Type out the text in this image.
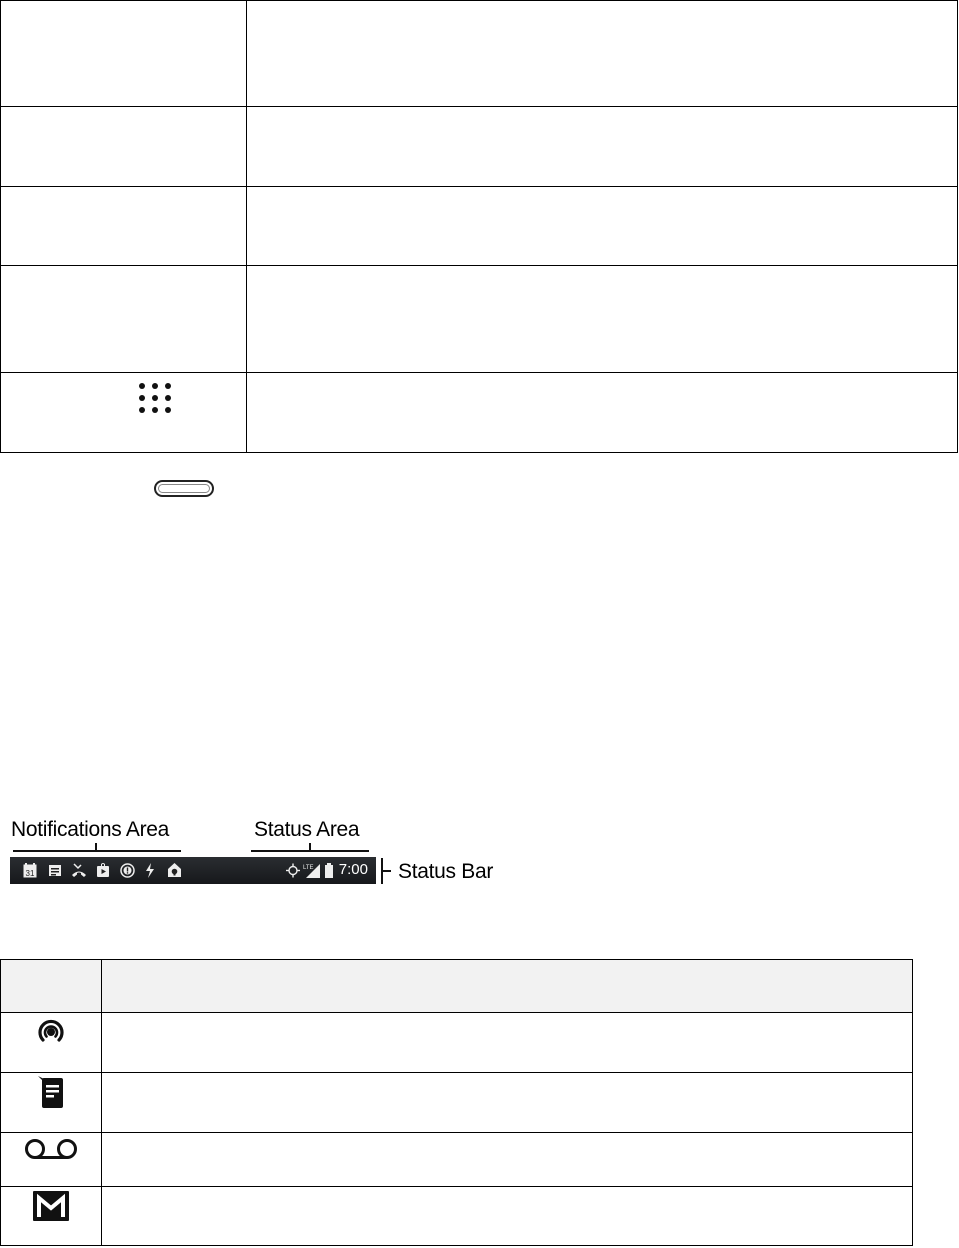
Notifications Area	Status Area
31
LTE 7:00 Status Bar
